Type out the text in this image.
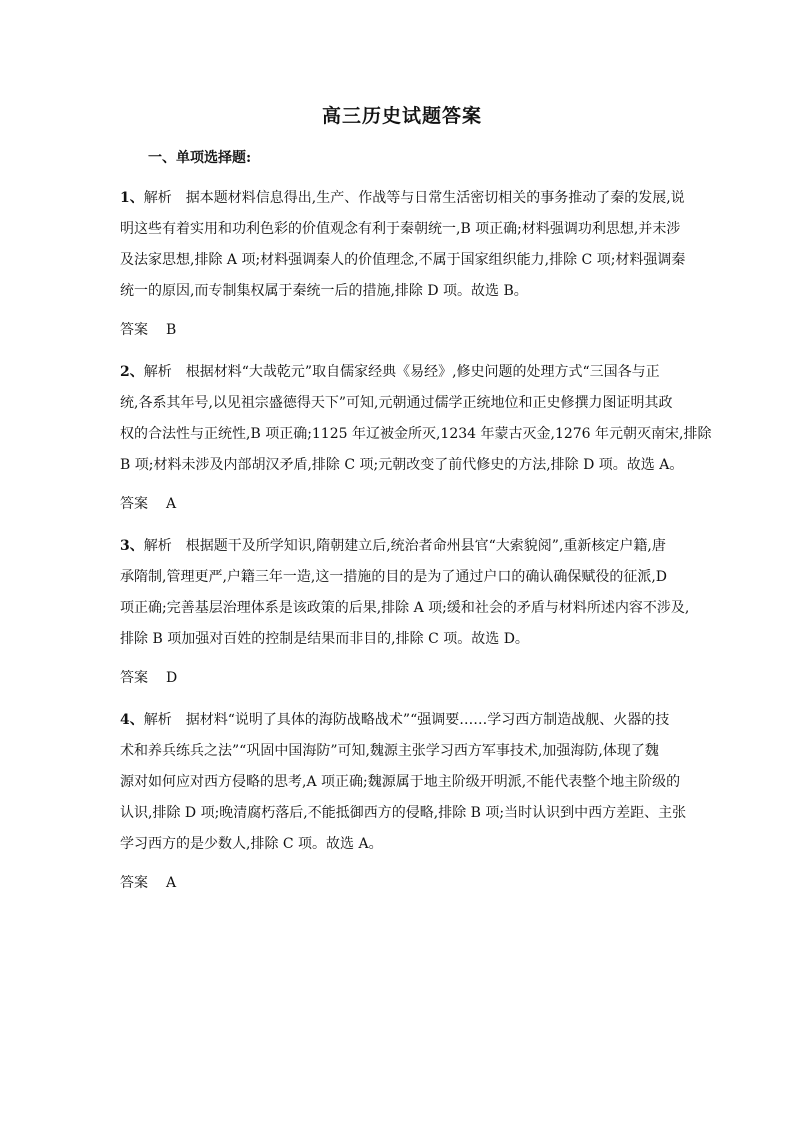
高三历史试题答案
一、单项选择题:

1、解析　据本题材料信息得出,生产、作战等与日常生活密切相关的事务推动了秦的发展,说
明这些有着实用和功利色彩的价值观念有利于秦朝统一,B 项正确;材料强调功利思想,并未涉
及法家思想,排除 A 项;材料强调秦人的价值理念,不属于国家组织能力,排除 C 项;材料强调秦
统一的原因,而专制集权属于秦统一后的措施,排除 D 项。故选 B。

答案 B

2、解析　根据材料“大哉乾元”取自儒家经典《易经》,修史问题的处理方式“三国各与正
统,各系其年号,以见祖宗盛德得天下”可知,元朝通过儒学正统地位和正史修撰力图证明其政
权的合法性与正统性,B 项正确;1125 年辽被金所灭,1234 年蒙古灭金,1276 年元朝灭南宋,排除
B 项;材料未涉及内部胡汉矛盾,排除 C 项;元朝改变了前代修史的方法,排除 D 项。故选 A。

答案 A

3、解析　根据题干及所学知识,隋朝建立后,统治者命州县官“大索貌阅”,重新核定户籍,唐
承隋制,管理更严,户籍三年一造,这一措施的目的是为了通过户口的确认确保赋役的征派,D
项正确;完善基层治理体系是该政策的后果,排除 A 项;缓和社会的矛盾与材料所述内容不涉及,
排除 B 项加强对百姓的控制是结果而非目的,排除 C 项。故选 D。

答案 D

4、解析　据材料“说明了具体的海防战略战术”“强调要……学习西方制造战舰、火器的技
术和养兵练兵之法”“巩固中国海防”可知,魏源主张学习西方军事技术,加强海防,体现了魏
源对如何应对西方侵略的思考,A 项正确;魏源属于地主阶级开明派,不能代表整个地主阶级的
认识,排除 D 项;晚清腐朽落后,不能抵御西方的侵略,排除 B 项;当时认识到中西方差距、主张
学习西方的是少数人,排除 C 项。故选 A。

答案 A
